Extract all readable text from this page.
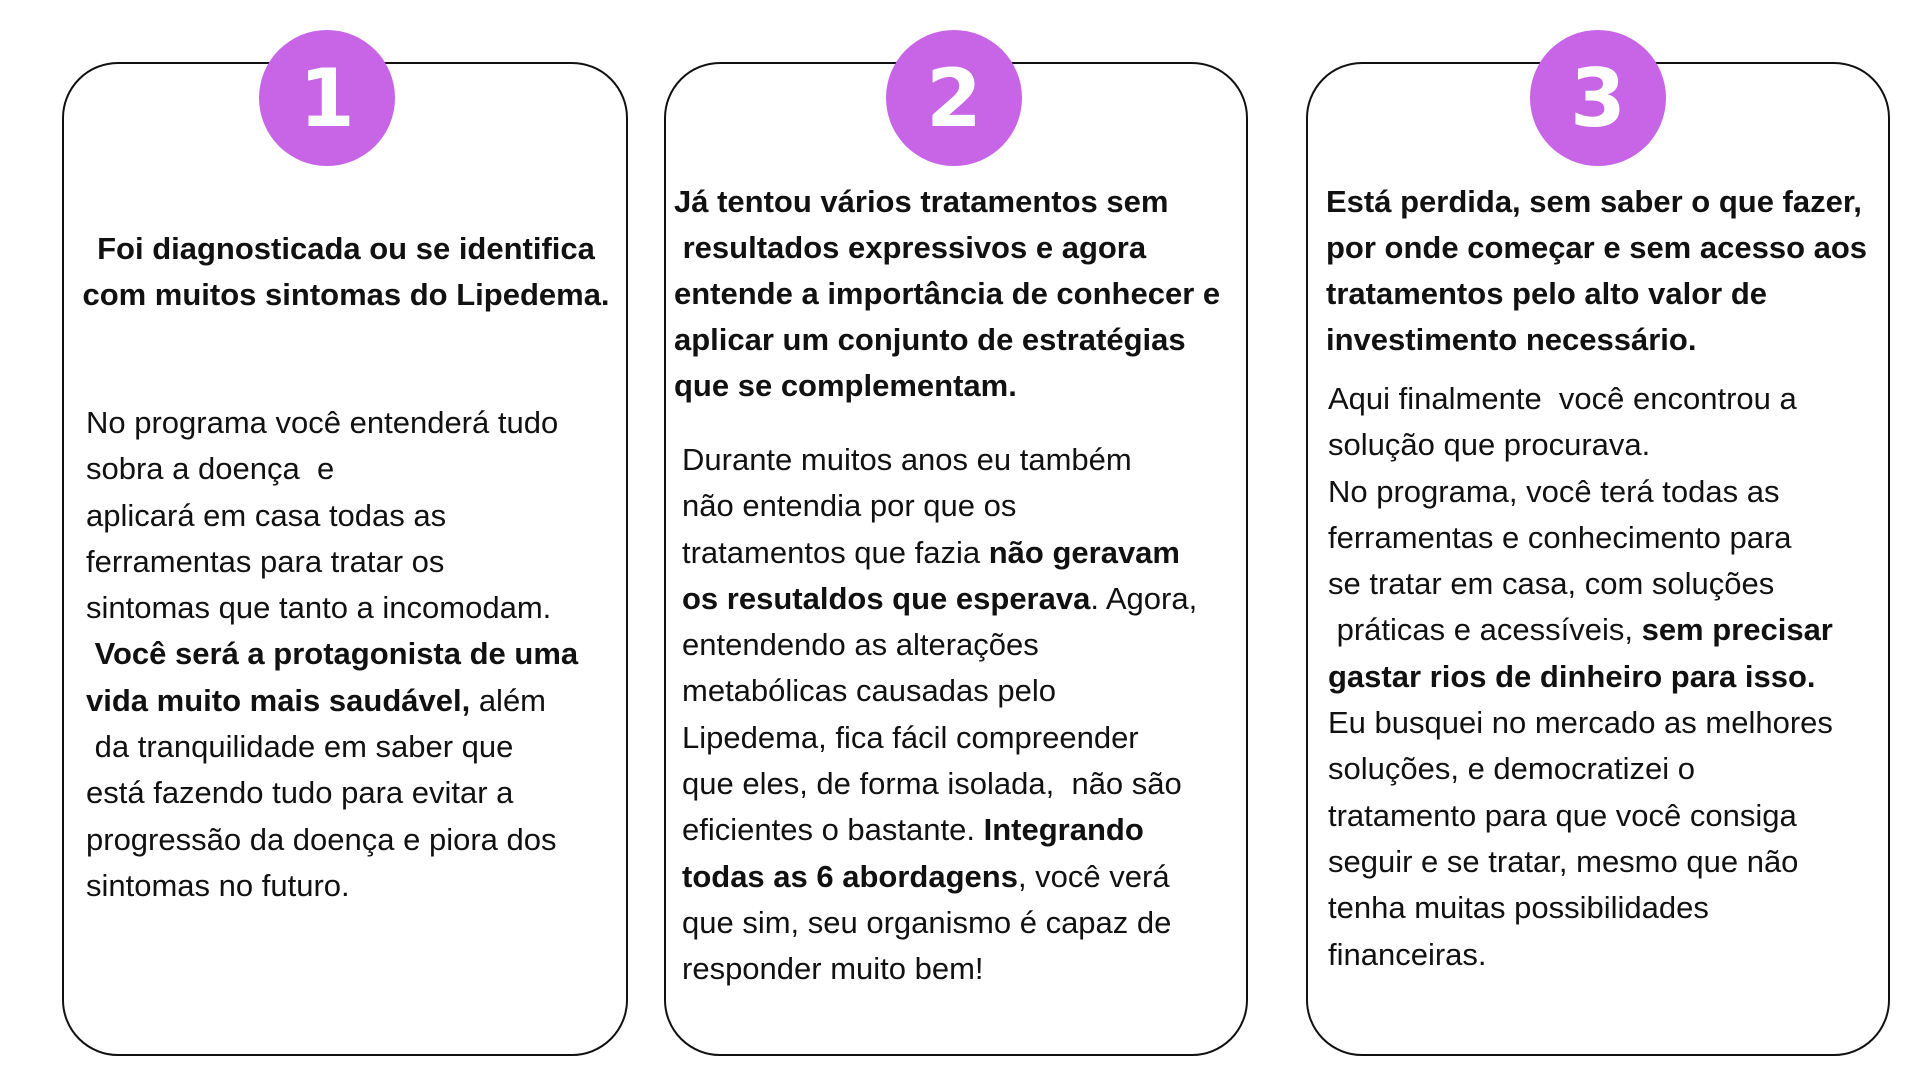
1
Foi diagnosticada ou se identifica
com muitos sintomas do Lipedema.
No programa você entenderá tudo
sobra a doença  e
aplicará em casa todas as
ferramentas para tratar os
sintomas que tanto a incomodam.
Você será a protagonista de uma
vida muito mais saudável, além
da tranquilidade em saber que
está fazendo tudo para evitar a
progressão da doença e piora dos
sintomas no futuro.
2
Já tentou vários tratamentos sem
resultados expressivos e agora
entende a importância de conhecer e
aplicar um conjunto de estratégias
que se complementam.
Durante muitos anos eu também
não entendia por que os
tratamentos que fazia não geravam
os resutaldos que esperava. Agora,
entendendo as alterações
metabólicas causadas pelo
Lipedema, fica fácil compreender
que eles, de forma isolada,  não são
eficientes o bastante. Integrando
todas as 6 abordagens, você verá
que sim, seu organismo é capaz de
responder muito bem!
3
Está perdida, sem saber o que fazer,
por onde começar e sem acesso aos
tratamentos pelo alto valor de
investimento necessário.
Aqui finalmente  você encontrou a
solução que procurava.
No programa, você terá todas as
ferramentas e conhecimento para
se tratar em casa, com soluções
práticas e acessíveis, sem precisar
gastar rios de dinheiro para isso.
Eu busquei no mercado as melhores
soluções, e democratizei o
tratamento para que você consiga
seguir e se tratar, mesmo que não
tenha muitas possibilidades
financeiras.
